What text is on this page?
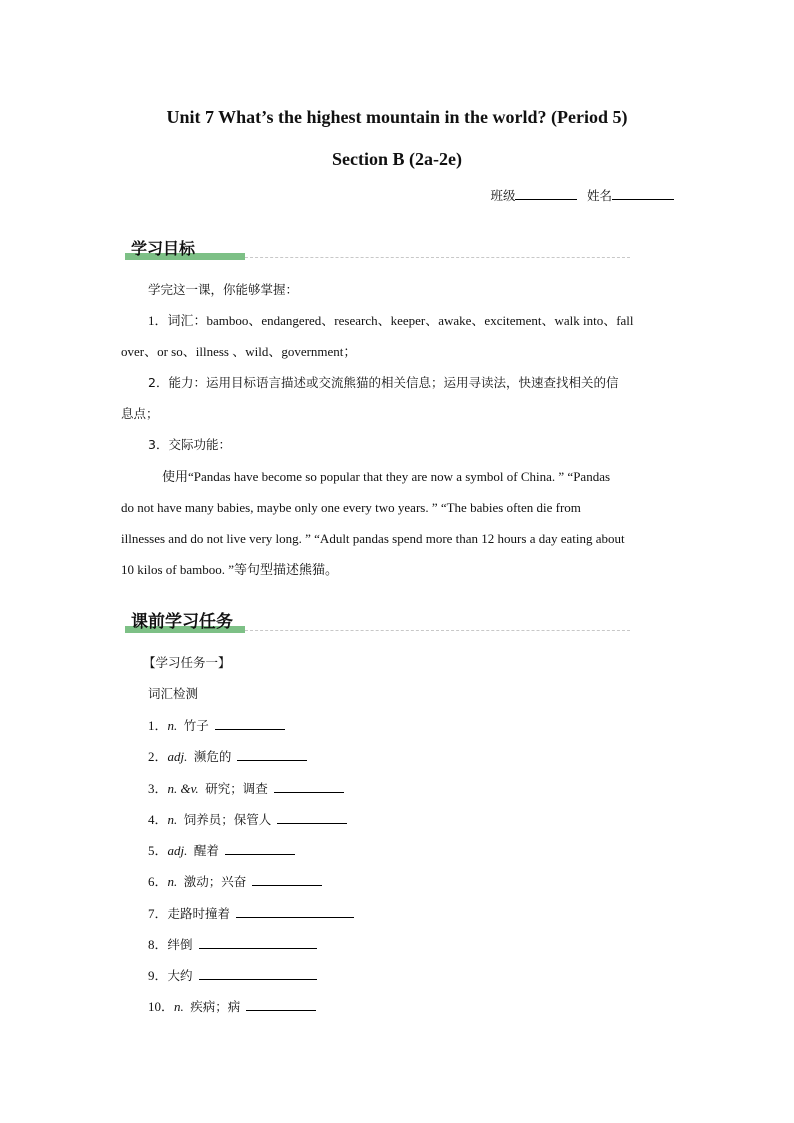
Unit 7 What’s the highest mountain in the world? (Period 5)
Section B (2a-2e)
班级	姓名
学习目标
学完这一课，你能够掌握：
1．词汇：bamboo、endangered、research、keeper、awake、excitement、walk into、fall
over、or so、illness 、wild、government；
2．能力：运用目标语言描述或交流熊猫的相关信息；运用寻读法，快速查找相关的信
息点；
3．交际功能：
使用“Pandas have become so popular that they are now a symbol of China. ” “Pandas
do not have many babies, maybe only one every two years. ” “The babies often die from
illnesses and do not live very long. ” “Adult pandas spend more than 12 hours a day eating about
10 kilos of bamboo. ”等句型描述熊猫。
课前学习任务
【学习任务一】
词汇检测
1．n. 竹子
2．adj. 濒危的
3．n. &v. 研究；调查
4．n. 饲养员；保管人
5．adj. 醒着
6．n. 激动；兴奋
7．走路时撞着
8．绊倒
9．大约
10．n. 疾病；病
